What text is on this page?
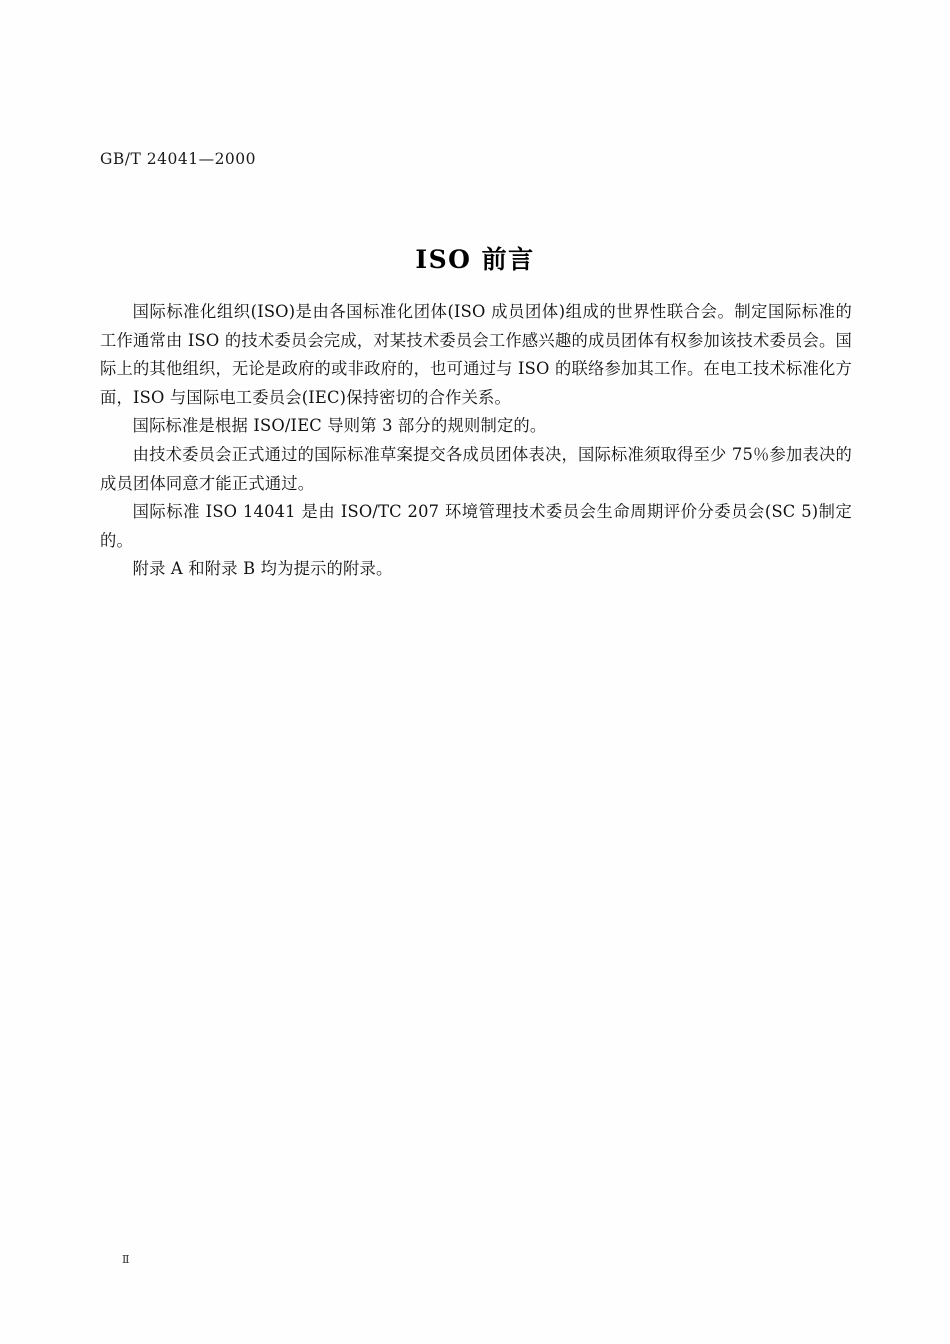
GB/T 24041—2000
ISO 前言

国际标准化组织(ISO)是由各国标准化团体(ISO 成员团体)组成的世界性联合会。制定国际标准的工作通常由 ISO 的技术委员会完成，对某技术委员会工作感兴趣的成员团体有权参加该技术委员会。国际上的其他组织，无论是政府的或非政府的，也可通过与 ISO 的联络参加其工作。在电工技术标准化方面，ISO 与国际电工委员会(IEC)保持密切的合作关系。

国际标准是根据 ISO/IEC 导则第 3 部分的规则制定的。

由技术委员会正式通过的国际标准草案提交各成员团体表决，国际标准须取得至少 75％参加表决的成员团体同意才能正式通过。

国际标准 ISO 14041 是由 ISO/TC 207 环境管理技术委员会生命周期评价分委员会(SC 5)制定的。

附录 A 和附录 B 均为提示的附录。

Ⅱ
